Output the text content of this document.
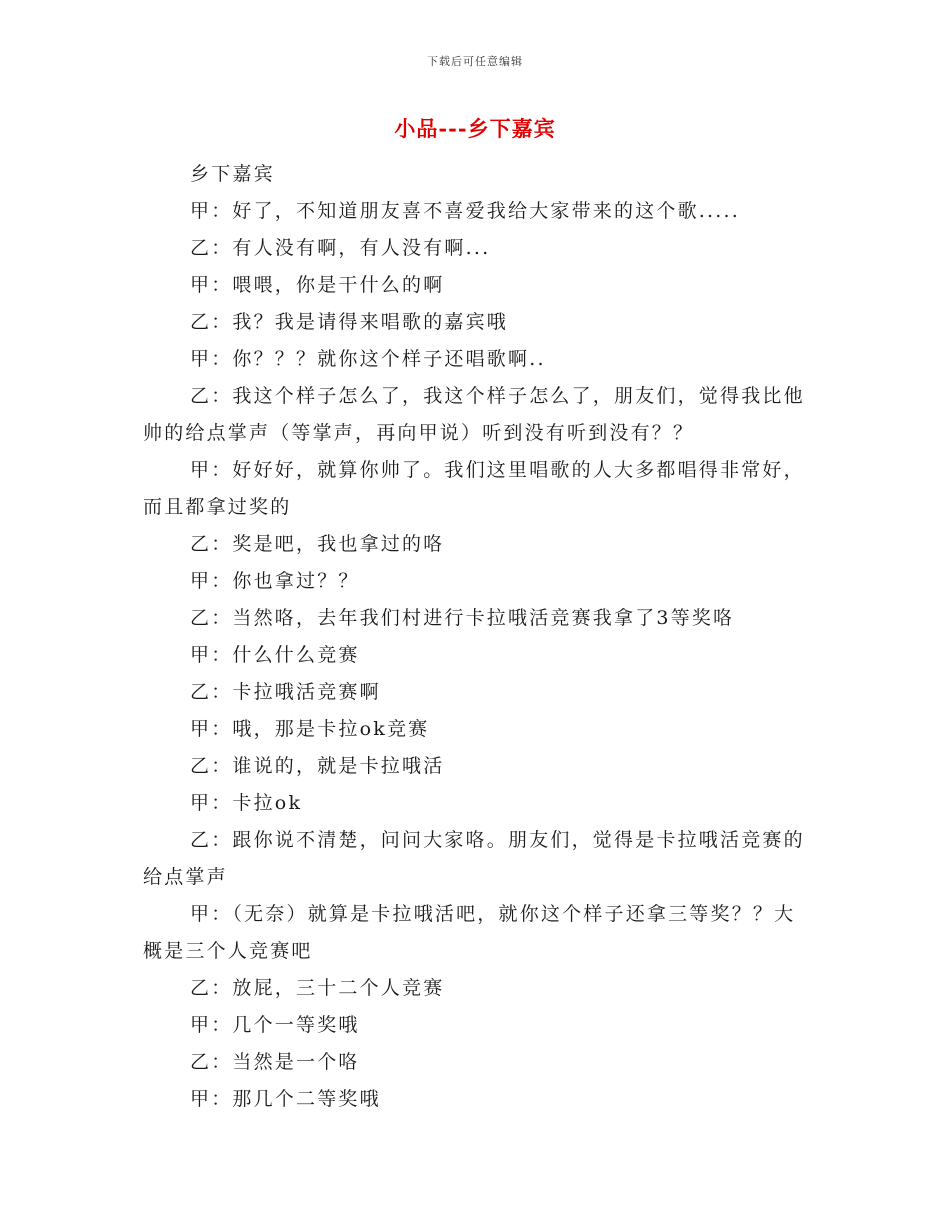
下载后可任意编辑
小品---乡下嘉宾

乡下嘉宾

甲：好了，不知道朋友喜不喜爱我给大家带来的这个歌.....

乙：有人没有啊，有人没有啊...

甲：喂喂，你是干什么的啊

乙：我？我是请得来唱歌的嘉宾哦

甲：你？？？就你这个样子还唱歌啊..

乙：我这个样子怎么了，我这个样子怎么了，朋友们，觉得我比他帅的给点掌声（等掌声，再向甲说）听到没有听到没有？？

甲：好好好，就算你帅了。我们这里唱歌的人大多都唱得非常好，而且都拿过奖的

乙：奖是吧，我也拿过的咯

甲：你也拿过？？

乙：当然咯，去年我们村进行卡拉哦活竞赛我拿了3等奖咯

甲：什么什么竞赛

乙：卡拉哦活竞赛啊

甲：哦，那是卡拉ok竞赛

乙：谁说的，就是卡拉哦活

甲：卡拉ok

乙：跟你说不清楚，问问大家咯。朋友们，觉得是卡拉哦活竞赛的给点掌声

甲：（无奈）就算是卡拉哦活吧，就你这个样子还拿三等奖？？大概是三个人竞赛吧

乙：放屁，三十二个人竞赛

甲：几个一等奖哦

乙：当然是一个咯

甲：那几个二等奖哦
